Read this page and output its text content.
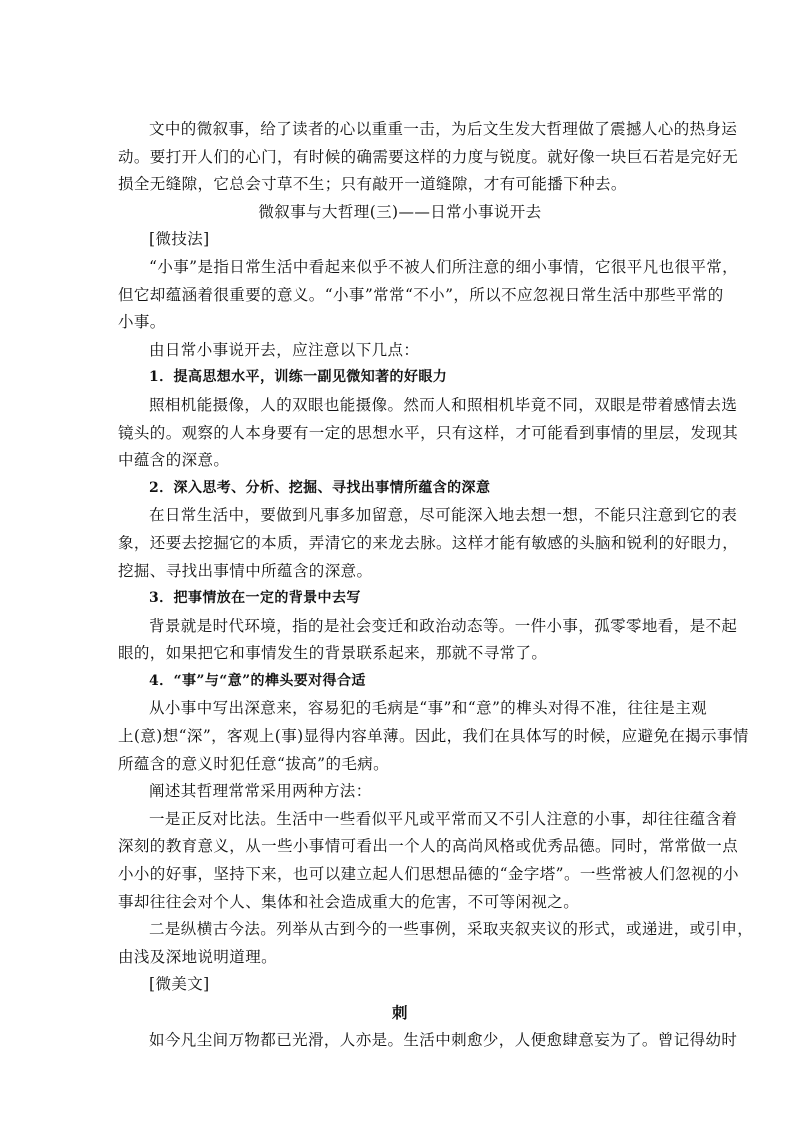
文中的微叙事，给了读者的心以重重一击，为后文生发大哲理做了震撼人心的热身运
动。要打开人们的心门，有时候的确需要这样的力度与锐度。就好像一块巨石若是完好无
损全无缝隙，它总会寸草不生；只有敲开一道缝隙，才有可能播下种去。
微叙事与大哲理(三)——日常小事说开去
[微技法]
“小事”是指日常生活中看起来似乎不被人们所注意的细小事情，它很平凡也很平常，
但它却蕴涵着很重要的意义。“小事”常常“不小”，所以不应忽视日常生活中那些平常的
小事。
由日常小事说开去，应注意以下几点：
1．提高思想水平，训练一副见微知著的好眼力
照相机能摄像，人的双眼也能摄像。然而人和照相机毕竟不同，双眼是带着感情去选
镜头的。观察的人本身要有一定的思想水平，只有这样，才可能看到事情的里层，发现其
中蕴含的深意。
2．深入思考、分析、挖掘、寻找出事情所蕴含的深意
在日常生活中，要做到凡事多加留意，尽可能深入地去想一想，不能只注意到它的表
象，还要去挖掘它的本质，弄清它的来龙去脉。这样才能有敏感的头脑和锐利的好眼力，
挖掘、寻找出事情中所蕴含的深意。
3．把事情放在一定的背景中去写
背景就是时代环境，指的是社会变迁和政治动态等。一件小事，孤零零地看，是不起
眼的，如果把它和事情发生的背景联系起来，那就不寻常了。
4．“事”与“意”的榫头要对得合适
从小事中写出深意来，容易犯的毛病是“事”和“意”的榫头对得不准，往往是主观
上(意)想“深”，客观上(事)显得内容单薄。因此，我们在具体写的时候，应避免在揭示事情
所蕴含的意义时犯任意“拔高”的毛病。
阐述其哲理常常采用两种方法：
一是正反对比法。生活中一些看似平凡或平常而又不引人注意的小事，却往往蕴含着
深刻的教育意义，从一些小事情可看出一个人的高尚风格或优秀品德。同时，常常做一点
小小的好事，坚持下来，也可以建立起人们思想品德的“金字塔”。一些常被人们忽视的小
事却往往会对个人、集体和社会造成重大的危害，不可等闲视之。
二是纵横古今法。列举从古到今的一些事例，采取夹叙夹议的形式，或递进，或引申，
由浅及深地说明道理。
[微美文]
刺
如今凡尘间万物都已光滑，人亦是。生活中刺愈少，人便愈肆意妄为了。曾记得幼时
